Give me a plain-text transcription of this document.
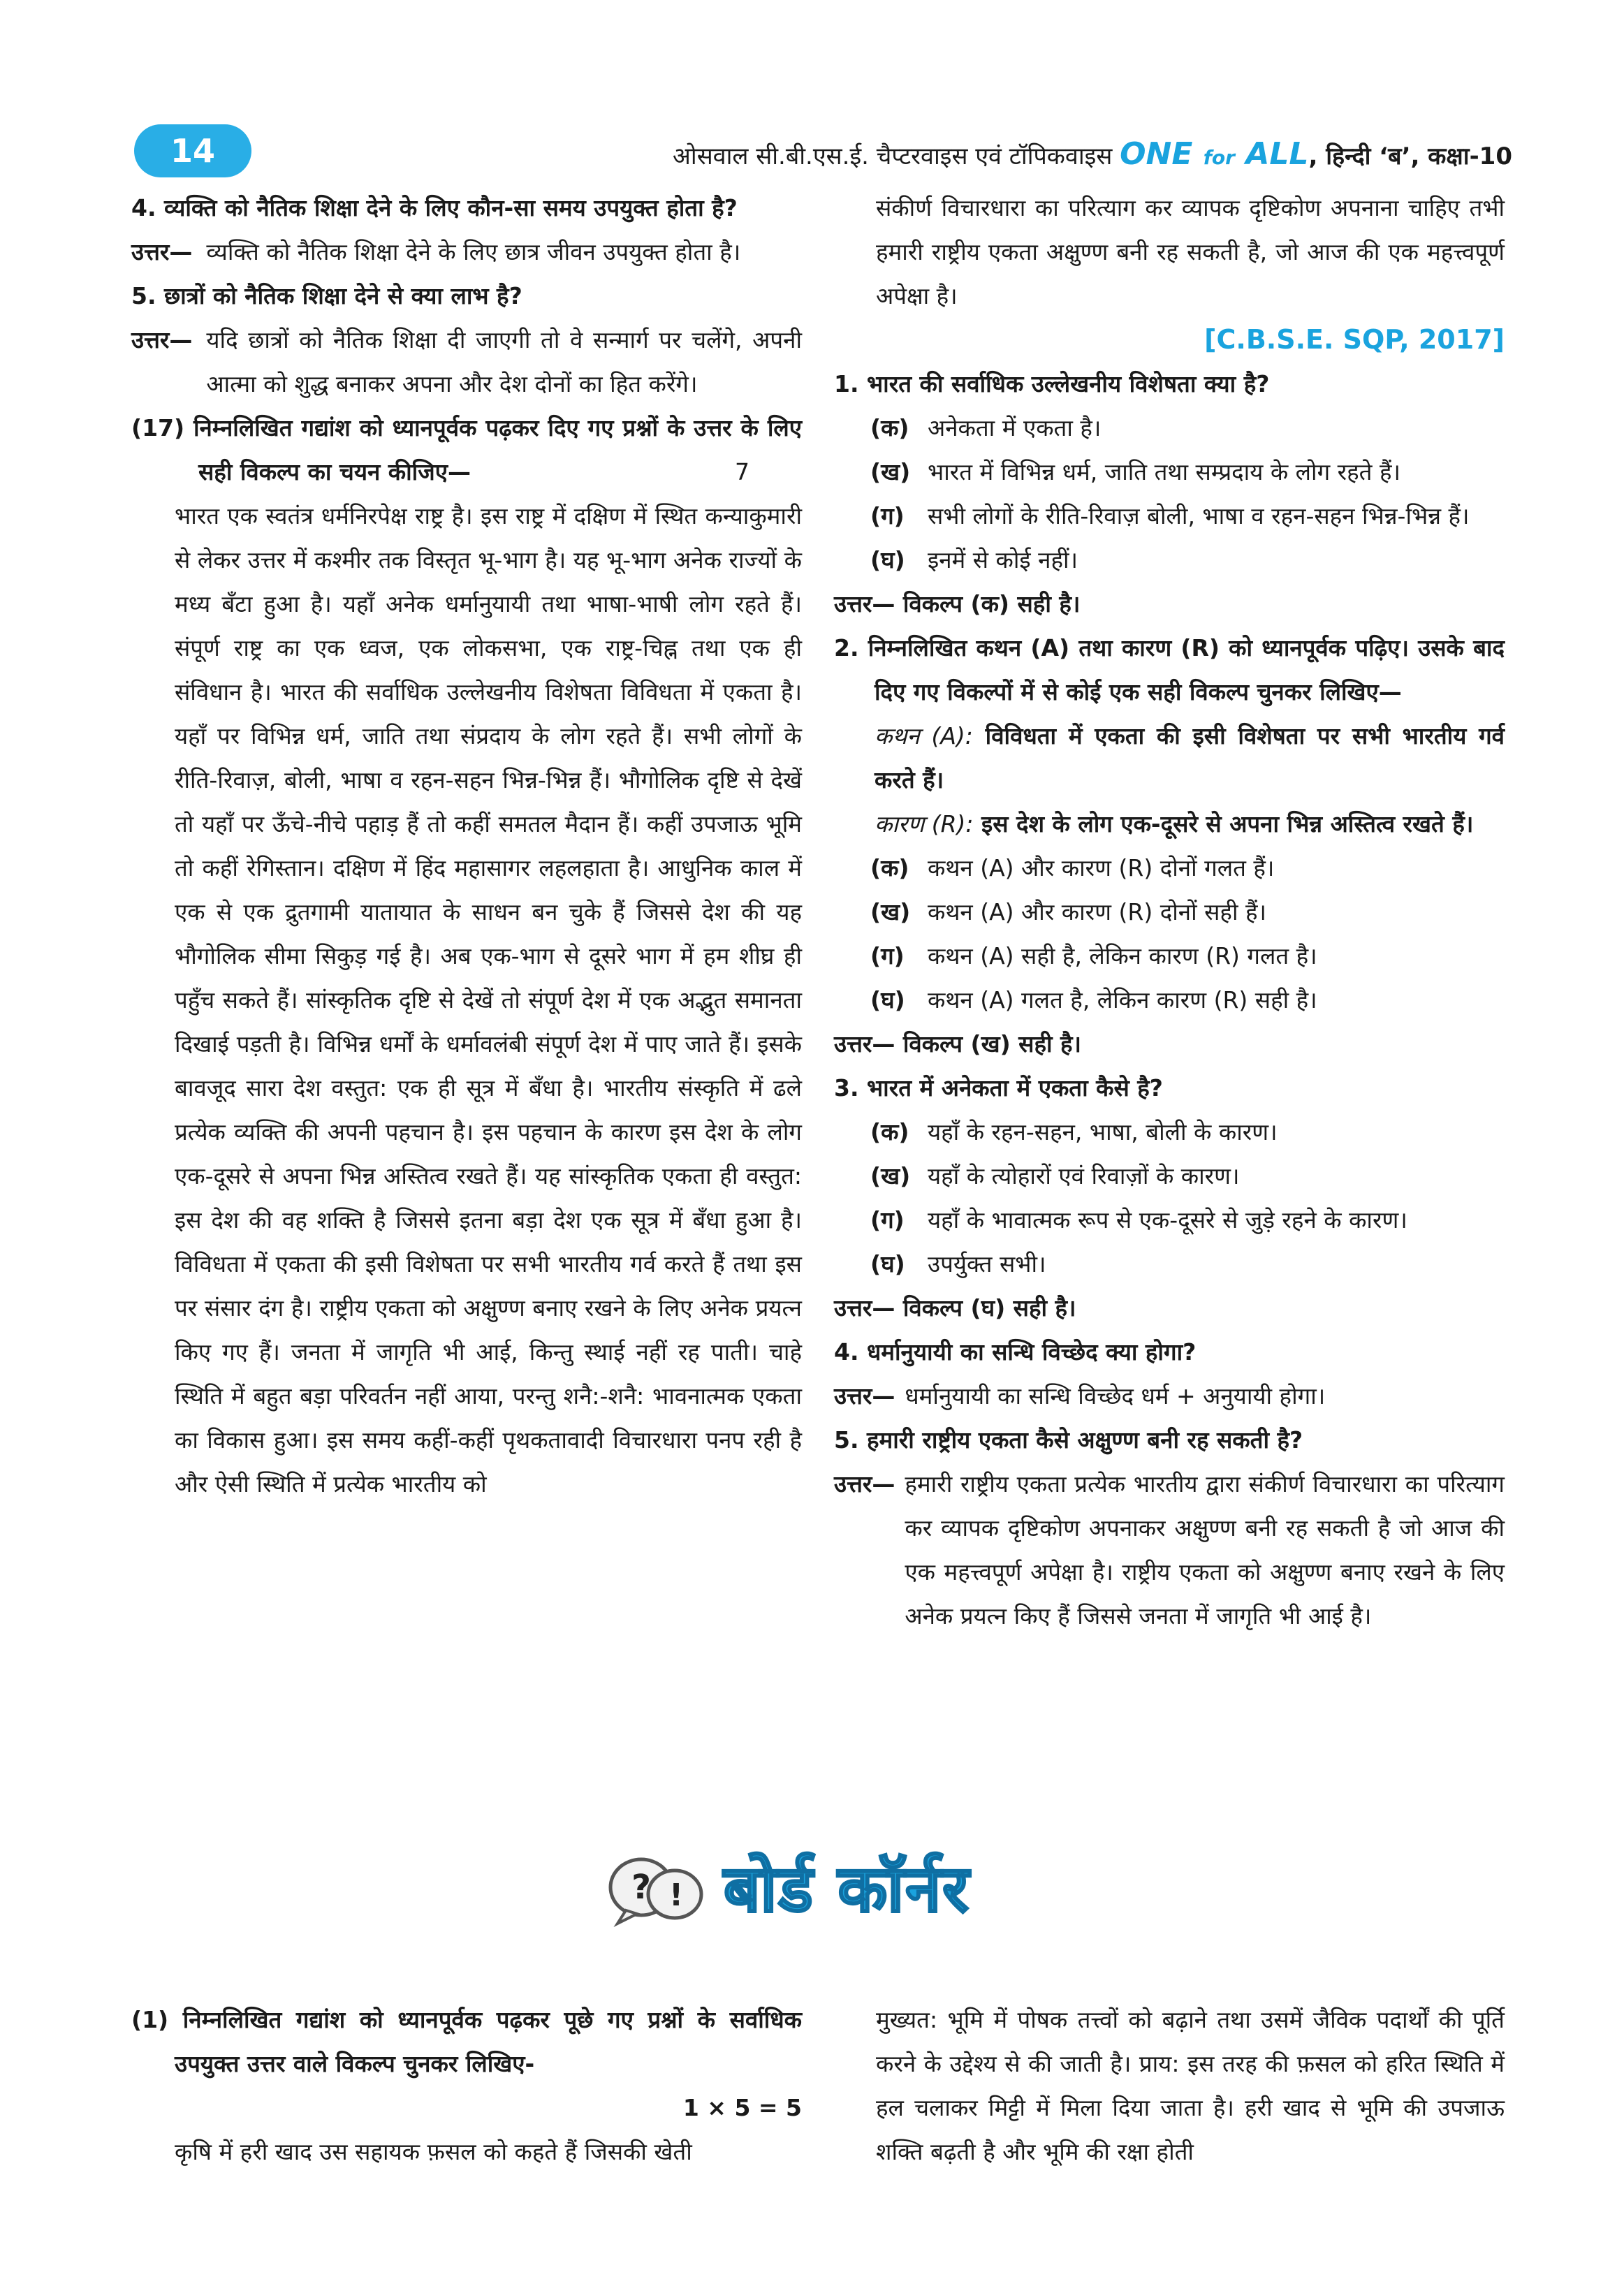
14	ओसवाल सी.बी.एस.ई. चैप्टरवाइस एवं टॉपिकवाइस ONE for ALL, हिन्दी ‘ब’, कक्षा-10
4. व्यक्ति को नैतिक शिक्षा देने के लिए कौन-सा समय उपयुक्त होता है?
उत्तर— व्यक्ति को नैतिक शिक्षा देने के लिए छात्र जीवन उपयुक्त होता है।
5. छात्रों को नैतिक शिक्षा देने से क्या लाभ है?
उत्तर— यदि छात्रों को नैतिक शिक्षा दी जाएगी तो वे सन्मार्ग पर चलेंगे, अपनी आत्मा को शुद्ध बनाकर अपना और देश दोनों का हित करेंगे।
(17) निम्नलिखित गद्यांश को ध्यानपूर्वक पढ़कर दिए गए प्रश्नों के उत्तर के लिए सही विकल्प का चयन कीजिए—	7
भारत एक स्वतंत्र धर्मनिरपेक्ष राष्ट्र है। इस राष्ट्र में दक्षिण में स्थित कन्याकुमारी से लेकर उत्तर में कश्मीर तक विस्तृत भू-भाग है। यह भू-भाग अनेक राज्यों के मध्य बँटा हुआ है। यहाँ अनेक धर्मानुयायी तथा भाषा-भाषी लोग रहते हैं। संपूर्ण राष्ट्र का एक ध्वज, एक लोकसभा, एक राष्ट्र-चिह्न तथा एक ही संविधान है। भारत की सर्वाधिक उल्लेखनीय विशेषता विविधता में एकता है। यहाँ पर विभिन्न धर्म, जाति तथा संप्रदाय के लोग रहते हैं। सभी लोगों के रीति-रिवाज़, बोली, भाषा व रहन-सहन भिन्न-भिन्न हैं। भौगोलिक दृष्टि से देखें तो यहाँ पर ऊँचे-नीचे पहाड़ हैं तो कहीं समतल मैदान हैं। कहीं उपजाऊ भूमि तो कहीं रेगिस्तान। दक्षिण में हिंद महासागर लहलहाता है। आधुनिक काल में एक से एक द्रुतगामी यातायात के साधन बन चुके हैं जिससे देश की यह भौगोलिक सीमा सिकुड़ गई है। अब एक-भाग से दूसरे भाग में हम शीघ्र ही पहुँच सकते हैं। सांस्कृतिक दृष्टि से देखें तो संपूर्ण देश में एक अद्भुत समानता दिखाई पड़ती है। विभिन्न धर्मों के धर्मावलंबी संपूर्ण देश में पाए जाते हैं। इसके बावजूद सारा देश वस्तुत: एक ही सूत्र में बँधा है। भारतीय संस्कृति में ढले प्रत्येक व्यक्ति की अपनी पहचान है। इस पहचान के कारण इस देश के लोग एक-दूसरे से अपना भिन्न अस्तित्व रखते हैं। यह सांस्कृतिक एकता ही वस्तुत: इस देश की वह शक्ति है जिससे इतना बड़ा देश एक सूत्र में बँधा हुआ है। विविधता में एकता की इसी विशेषता पर सभी भारतीय गर्व करते हैं तथा इस पर संसार दंग है। राष्ट्रीय एकता को अक्षुण्ण बनाए रखने के लिए अनेक प्रयत्न किए गए हैं। जनता में जागृति भी आई, किन्तु स्थाई नहीं रह पाती। चाहे स्थिति में बहुत बड़ा परिवर्तन नहीं आया, परन्तु शनै:-शनै: भावनात्मक एकता का विकास हुआ। इस समय कहीं-कहीं पृथकतावादी विचारधारा पनप रही है और ऐसी स्थिति में प्रत्येक भारतीय को
संकीर्ण विचारधारा का परित्याग कर व्यापक दृष्टिकोण अपनाना चाहिए तभी हमारी राष्ट्रीय एकता अक्षुण्ण बनी रह सकती है, जो आज की एक महत्त्वपूर्ण अपेक्षा है।
[C.B.S.E. SQP, 2017]
1. भारत की सर्वाधिक उल्लेखनीय विशेषता क्या है?
(क) अनेकता में एकता है।
(ख) भारत में विभिन्न धर्म, जाति तथा सम्प्रदाय के लोग रहते हैं।
(ग)	सभी लोगों के रीति-रिवाज़ बोली, भाषा व रहन-सहन भिन्न-भिन्न हैं।
(घ) इनमें से कोई नहीं।
उत्तर— विकल्प (क) सही है।
2. निम्नलिखित कथन (A) तथा कारण (R) को ध्यानपूर्वक पढ़िए। उसके बाद दिए गए विकल्पों में से कोई एक सही विकल्प चुनकर लिखिए—
कथन (A): विविधता में एकता की इसी विशेषता पर सभी भारतीय गर्व करते हैं।
कारण (R): इस देश के लोग एक-दूसरे से अपना भिन्न अस्तित्व रखते हैं।
(क) कथन (A) और कारण (R) दोनों गलत हैं।
(ख) कथन (A) और कारण (R) दोनों सही हैं।
(ग)	कथन (A) सही है, लेकिन कारण (R) गलत है।
(घ) कथन (A) गलत है, लेकिन कारण (R) सही है।
उत्तर— विकल्प (ख) सही है।
3. भारत में अनेकता में एकता कैसे है?
(क) यहाँ के रहन-सहन, भाषा, बोली के कारण।
(ख) यहाँ के त्योहारों एवं रिवाज़ों के कारण।
(ग)	यहाँ के भावात्मक रूप से एक-दूसरे से जुड़े रहने के कारण।
(घ) उपर्युक्त सभी।
उत्तर— विकल्प (घ) सही है।
4. धर्मानुयायी का सन्धि विच्छेद क्या होगा?
उत्तर— धर्मानुयायी का सन्धि विच्छेद धर्म + अनुयायी होगा।
5. हमारी राष्ट्रीय एकता कैसे अक्षुण्ण बनी रह सकती है?
उत्तर— हमारी राष्ट्रीय एकता प्रत्येक भारतीय द्वारा संकीर्ण विचारधारा का परित्याग कर व्यापक दृष्टिकोण अपनाकर अक्षुण्ण बनी रह सकती है जो आज की एक महत्त्वपूर्ण अपेक्षा है। राष्ट्रीय एकता को अक्षुण्ण बनाए रखने के लिए अनेक प्रयत्न किए हैं जिससे जनता में जागृति भी आई है।
? ! बोर्ड कॉर्नर
(1) निम्नलिखित गद्यांश को ध्यानपूर्वक पढ़कर पूछे गए प्रश्नों के सर्वाधिक उपयुक्त उत्तर वाले विकल्प चुनकर लिखिए-
1 × 5 = 5
कृषि में हरी खाद उस सहायक फ़सल को कहते हैं जिसकी खेती
मुख्यत: भूमि में पोषक तत्त्वों को बढ़ाने तथा उसमें जैविक पदार्थों की पूर्ति करने के उद्देश्य से की जाती है। प्राय: इस तरह की फ़सल को हरित स्थिति में हल चलाकर मिट्टी में मिला दिया जाता है। हरी खाद से भूमि की उपजाऊ शक्ति बढ़ती है और भूमि की रक्षा होती
